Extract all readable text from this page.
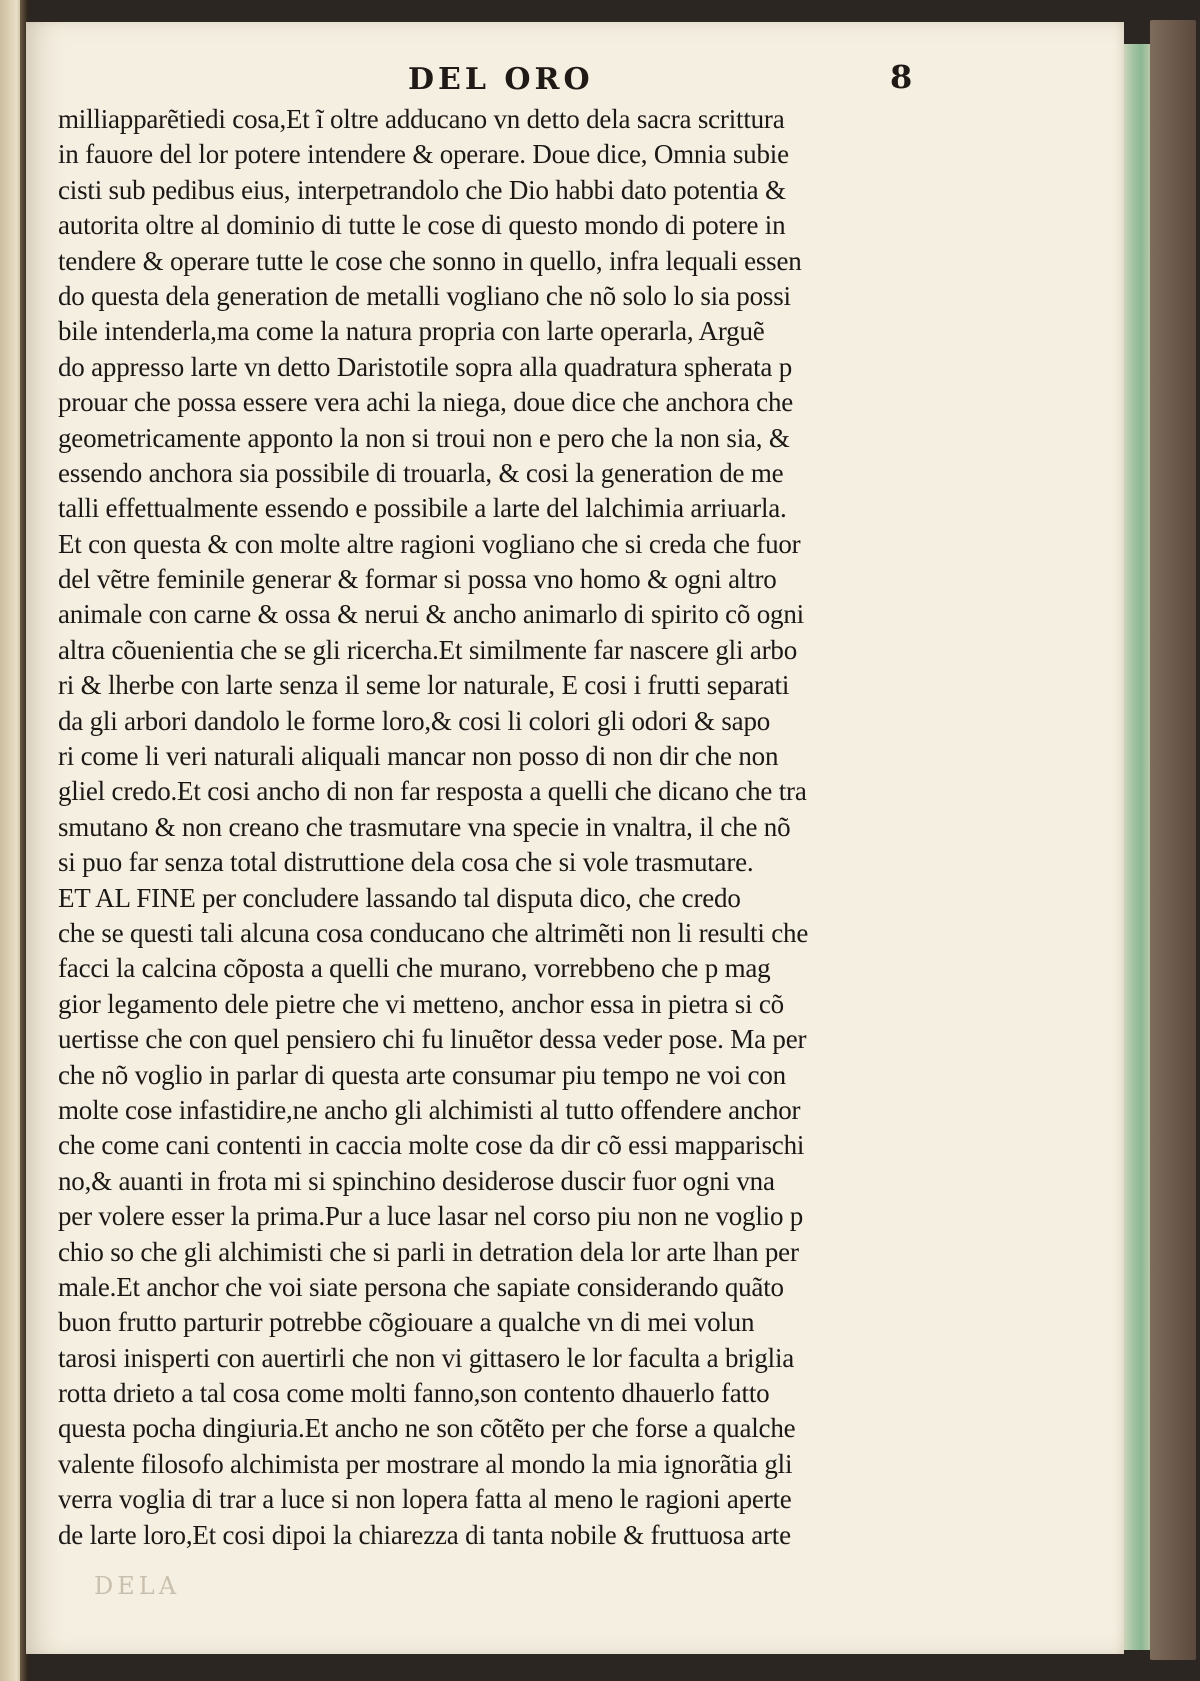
DEL ORO	8
milliapparẽtiedi cosa,Et ĩ oltre adducano vn detto dela sacra scrittura
in fauore del lor potere intendere & operare. Doue dice, Omnia subie
cisti sub pedibus eius, interpetrandolo che Dio habbi dato potentia &
autorita oltre al dominio di tutte le cose di questo mondo di potere in
tendere & operare tutte le cose che sonno in quello, infra lequali essen
do questa dela generation de metalli vogliano che nõ solo lo sia possi
bile intenderla,ma come la natura propria con larte operarla, Arguẽ
do appresso larte vn detto Daristotile sopra alla quadratura spherata p
prouar che possa essere vera achi la niega, doue dice che anchora che
geometricamente apponto la non si troui non e pero che la non sia, &
essendo anchora sia possibile di trouarla, & cosi la generation de me
talli effettualmente essendo e possibile a larte del lalchimia arriuarla.
Et con questa & con molte altre ragioni vogliano che si creda che fuor
del vẽtre feminile generar & formar si possa vno homo & ogni altro
animale con carne & ossa & nerui & ancho animarlo di spirito cõ ogni
altra cõuenientia che se gli ricercha.Et similmente far nascere gli arbo
ri & lherbe con larte senza il seme lor naturale, E cosi i frutti separati
da gli arbori dandolo le forme loro,& cosi li colori gli odori & sapo
ri come li veri naturali aliquali mancar non posso di non dir che non
gliel credo.Et cosi ancho di non far resposta a quelli che dicano che tra
smutano & non creano che trasmutare vna specie in vnaltra, il che nõ
si puo far senza total distruttione dela cosa che si vole trasmutare.
ET AL FINE per concludere lassando tal disputa dico, che credo
che se questi tali alcuna cosa conducano che altrimẽti non li resulti che
facci la calcina cõposta a quelli che murano, vorrebbeno che p mag
gior legamento dele pietre che vi metteno, anchor essa in pietra si cõ
uertisse che con quel pensiero chi fu linuẽtor dessa veder pose. Ma per
che nõ voglio in parlar di questa arte consumar piu tempo ne voi con
molte cose infastidire,ne ancho gli alchimisti al tutto offendere anchor
che come cani contenti in caccia molte cose da dir cõ essi mapparischi
no,& auanti in frota mi si spinchino desiderose duscir fuor ogni vna
per volere esser la prima.Pur a luce lasar nel corso piu non ne voglio p
chio so che gli alchimisti che si parli in detration dela lor arte lhan per
male.Et anchor che voi siate persona che sapiate considerando quãto
buon frutto parturir potrebbe cõgiouare a qualche vn di mei volun
tarosi inisperti con auertirli che non vi gittasero le lor faculta a briglia
rotta drieto a tal cosa come molti fanno,son contento dhauerlo fatto
questa pocha dingiuria.Et ancho ne son cõtẽto per che forse a qualche
valente filosofo alchimista per mostrare al mondo la mia ignorãtia gli
verra voglia di trar a luce si non lopera fatta al meno le ragioni aperte
de larte loro,Et cosi dipoi la chiarezza di tanta nobile & fruttuosa arte
DELA
